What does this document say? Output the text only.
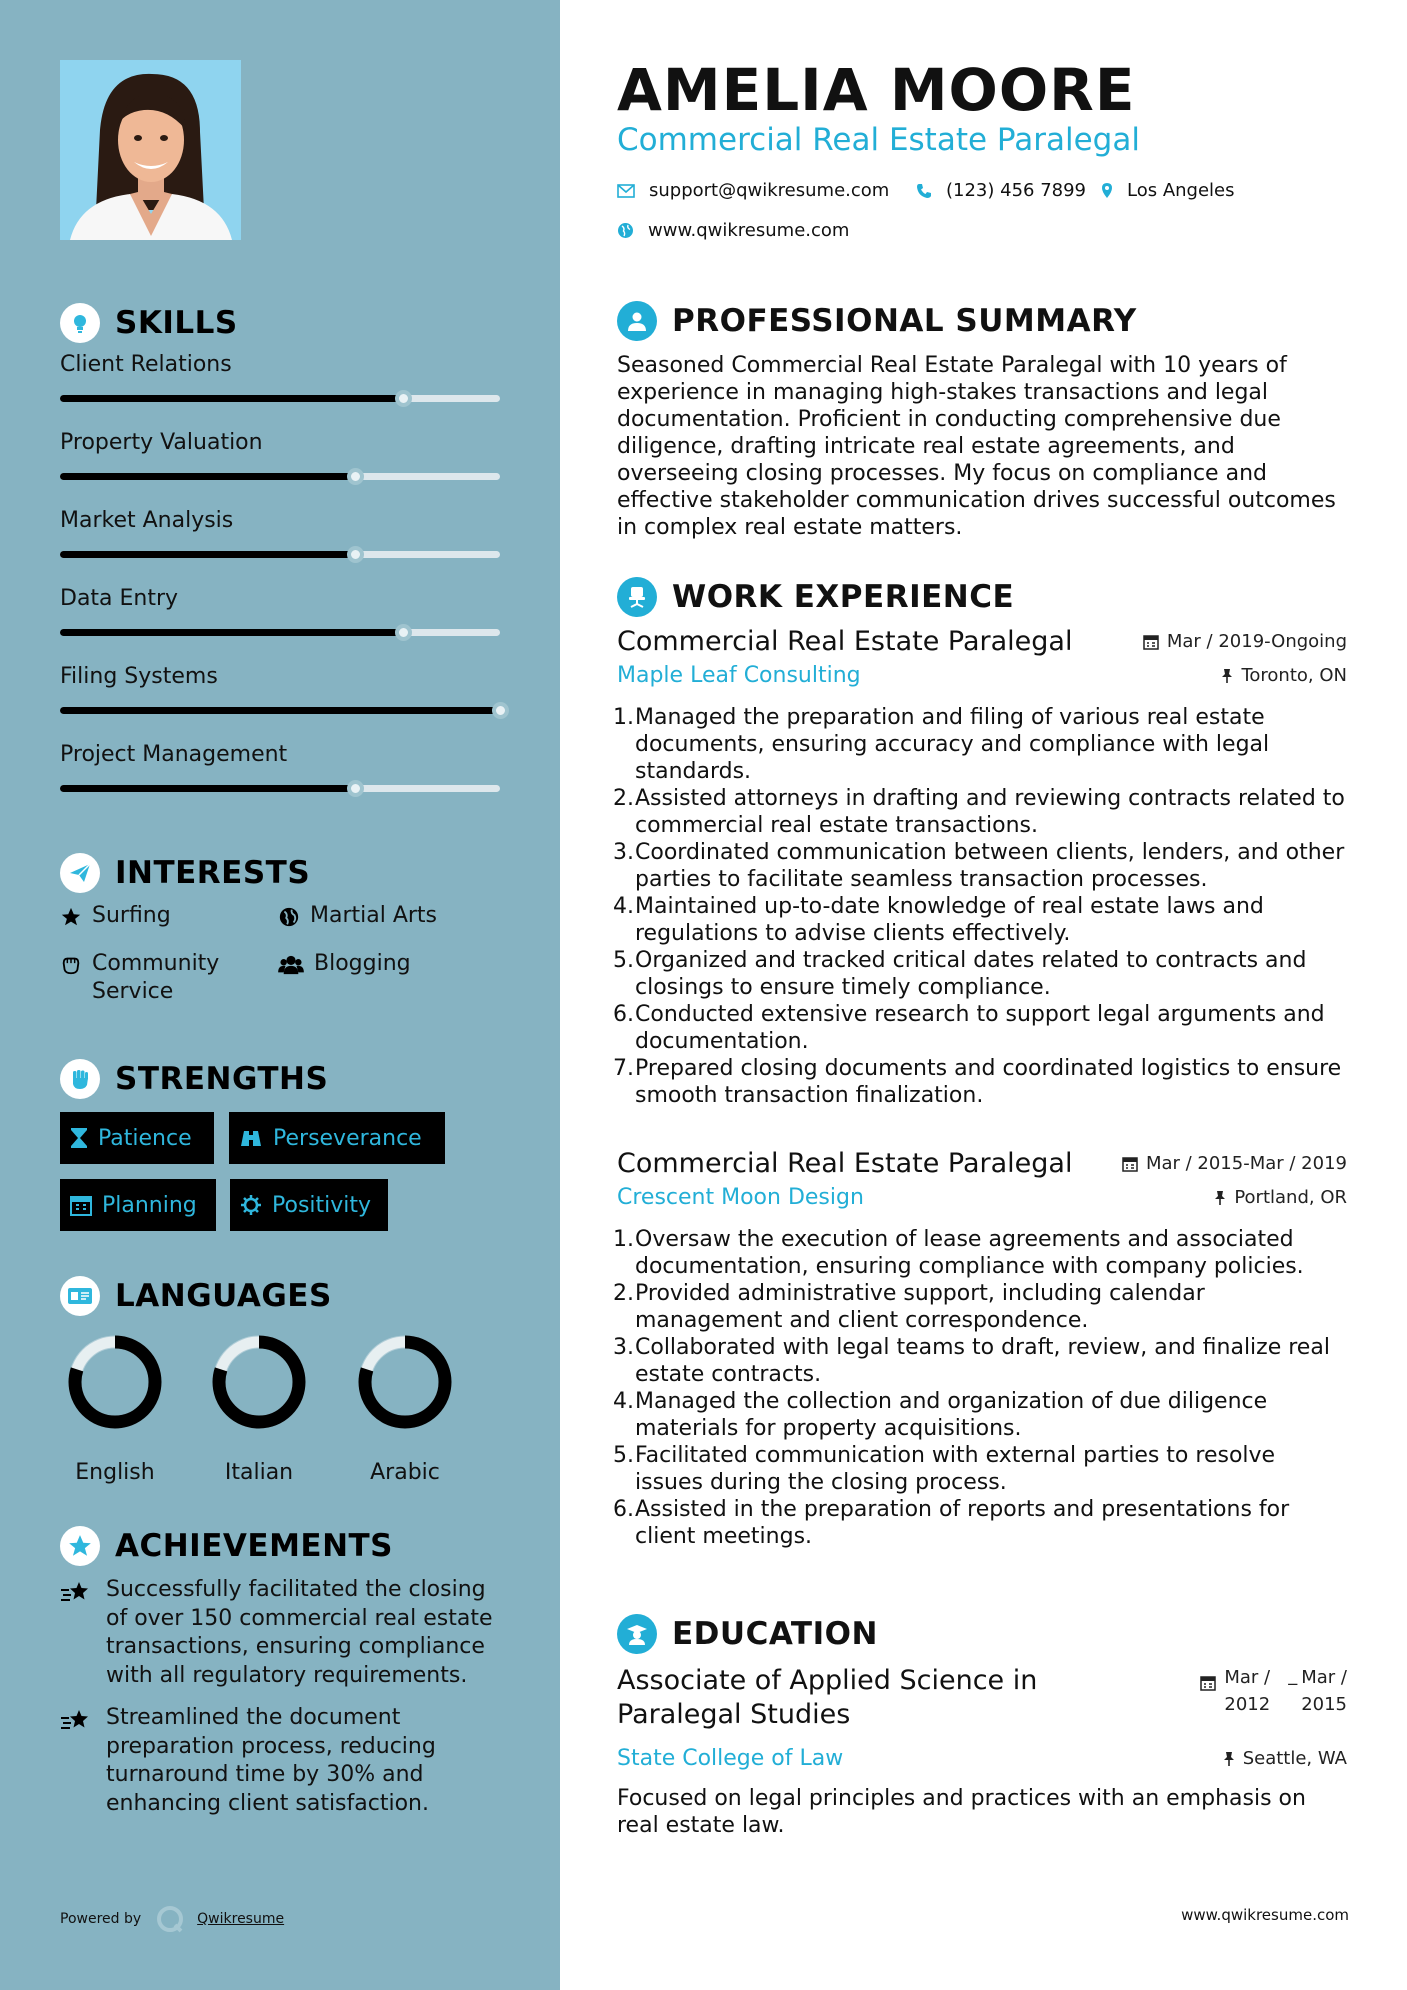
SKILLS
Client Relations
Property Valuation
Market Analysis
Data Entry
Filing Systems
Project Management
INTERESTS
Surfing	Martial Arts
Community Service
Blogging
STRENGTHS
Patience	Perseverance
Planning	Positivity
LANGUAGES
English	Italian	Arabic
ACHIEVEMENTS
Successfully facilitated the closing of over 150 commercial real estate transactions, ensuring compliance with all regulatory requirements.
Streamlined the document preparation process, reducing turnaround time by 30% and enhancing client satisfaction.
Powered by	Qwikresume
AMELIA MOORE
Commercial Real Estate Paralegal
support@qwikresume.com	(123) 456 7899 Los Angeles
www.qwikresume.com
PROFESSIONAL SUMMARY
Seasoned Commercial Real Estate Paralegal with 10 years of experience in managing high-stakes transactions and legal documentation. Proficient in conducting comprehensive due diligence, drafting intricate real estate agreements, and overseeing closing processes. My focus on compliance and effective stakeholder communication drives successful outcomes in complex real estate matters.
WORK EXPERIENCE
Commercial Real Estate Paralegal	Mar / 2019-Ongoing
Maple Leaf Consulting	Toronto, ON
Managed the preparation and filing of various real estate documents, ensuring accuracy and compliance with legal standards.
Assisted attorneys in drafting and reviewing contracts related to commercial real estate transactions.
Coordinated communication between clients, lenders, and other parties to facilitate seamless transaction processes.
Maintained up-to-date knowledge of real estate laws and regulations to advise clients effectively.
Organized and tracked critical dates related to contracts and closings to ensure timely compliance.
Conducted extensive research to support legal arguments and documentation.
Prepared closing documents and coordinated logistics to ensure smooth transaction finalization.
Commercial Real Estate Paralegal	Mar / 2015-Mar / 2019
Crescent Moon Design	Portland, OR
Oversaw the execution of lease agreements and associated documentation, ensuring compliance with company policies.
Provided administrative support, including calendar management and client correspondence.
Collaborated with legal teams to draft, review, and finalize real estate contracts.
Managed the collection and organization of due diligence materials for property acquisitions.
Facilitated communication with external parties to resolve issues during the closing process.
Assisted in the preparation of reports and presentations for client meetings.
EDUCATION
Associate of Applied Science in Paralegal Studies
Mar /
2012
_ Mar /
2015
State College of Law	Seattle, WA
Focused on legal principles and practices with an emphasis on real estate law.
www.qwikresume.com
